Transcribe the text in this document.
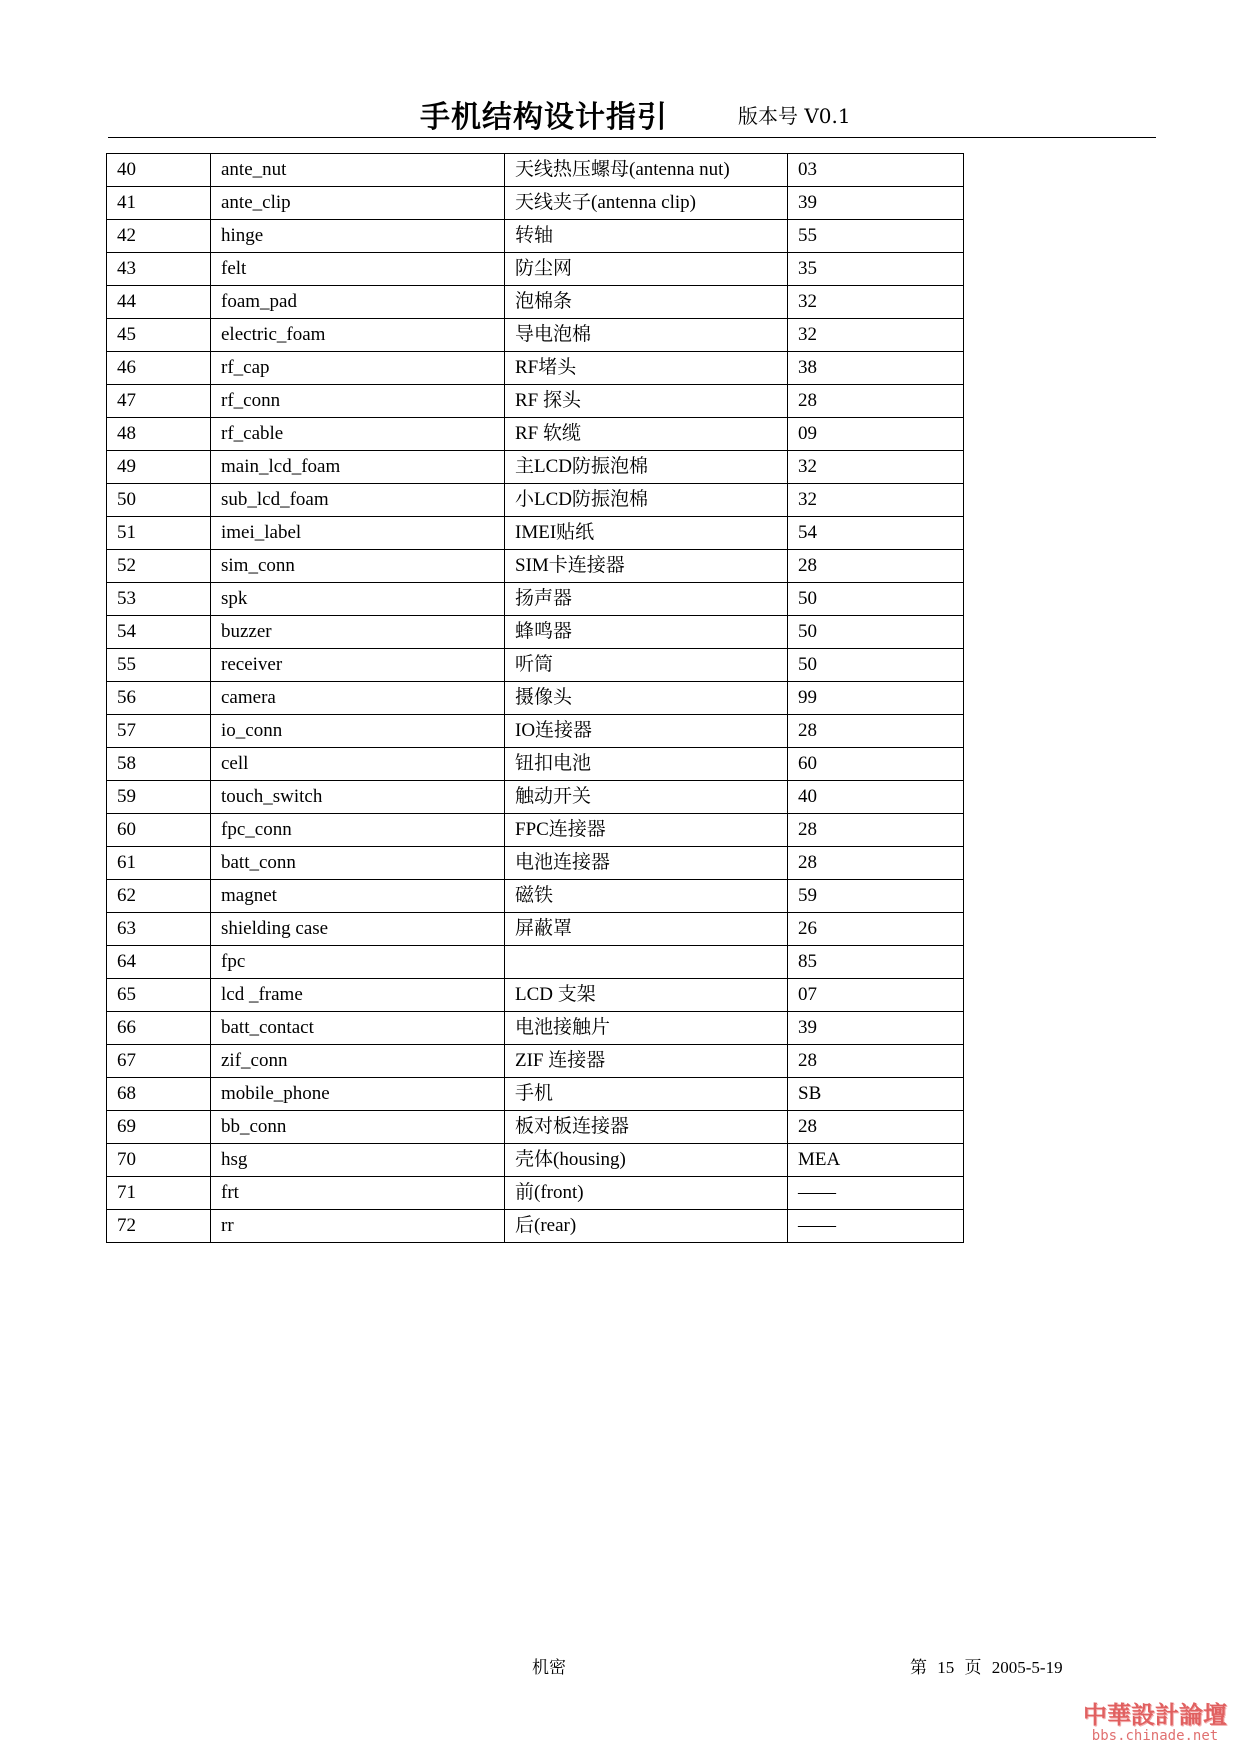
手机结构设计指引	版本号 V0.1
40	ante_nut	天线热压螺母(antenna nut)	03
41	ante_clip	天线夹子(antenna clip)	39
42	hinge	转轴	55
43	felt	防尘网	35
44	foam_pad	泡棉条	32
45	electric_foam	导电泡棉	32
46	rf_cap	RF堵头	38
47	rf_conn	RF 探头	28
48	rf_cable	RF 软缆	09
49	main_lcd_foam	主LCD防振泡棉	32
50	sub_lcd_foam	小LCD防振泡棉	32
51	imei_label	IMEI贴纸	54
52	sim_conn	SIM卡连接器	28
53	spk	扬声器	50
54	buzzer	蜂鸣器	50
55	receiver	听筒	50
56	camera	摄像头	99
57	io_conn	IO连接器	28
58	cell	钮扣电池	60
59	touch_switch	触动开关	40
60	fpc_conn	FPC连接器	28
61	batt_conn	电池连接器	28
62	magnet	磁铁	59
63	shielding case	屏蔽罩	26
64	fpc		85
65	lcd _frame	LCD 支架	07
66	batt_contact	电池接触片	39
67	zif_conn	ZIF 连接器	28
68	mobile_phone	手机	SB
69	bb_conn	板对板连接器	28
70	hsg	壳体(housing)	MEA
71	frt	前(front)	——
72	rr	后(rear)	——
机密	第 15 页 2005-5-19
中華設計論壇
bbs.chinade.net
